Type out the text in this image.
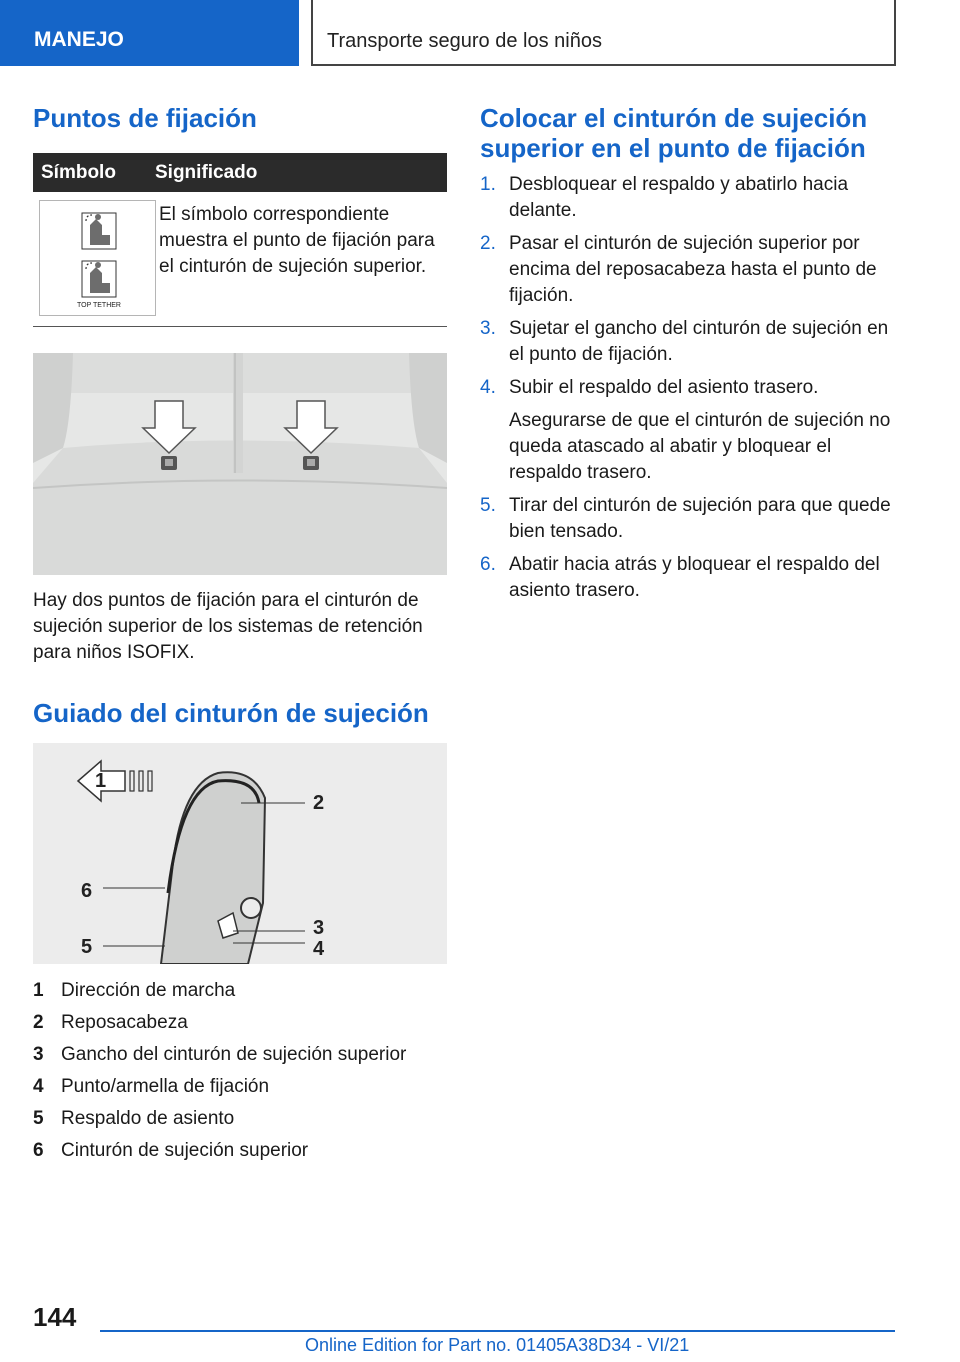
MANEJO	Transporte seguro de los niños
Puntos de fijación
Símbolo	Significado
TOP TETHER
El símbolo correspondiente muestra el punto de fijación para el cinturón de sujeción superior.
Hay dos puntos de fijación para el cinturón de sujeción superior de los sistemas de retención para niños ISOFIX.
Guiado del cinturón de sujeción
1
2
3
4
5
6
1 Dirección de marcha
2 Reposacabeza
3 Gancho del cinturón de sujeción superior
4 Punto/armella de fijación
5 Respaldo de asiento
6 Cinturón de sujeción superior
Colocar el cinturón de sujeción superior en el punto de fijación
1. Desbloquear el respaldo y abatirlo hacia delante.
2. Pasar el cinturón de sujeción superior por encima del reposacabeza hasta el punto de fijación.
3. Sujetar el gancho del cinturón de sujeción en el punto de fijación.
4. Subir el respaldo del asiento trasero.
Asegurarse de que el cinturón de sujeción no queda atascado al abatir y bloquear el respaldo trasero.
5. Tirar del cinturón de sujeción para que quede bien tensado.
6. Abatir hacia atrás y bloquear el respaldo del asiento trasero.
144
Online Edition for Part no. 01405A38D34 - VI/21
